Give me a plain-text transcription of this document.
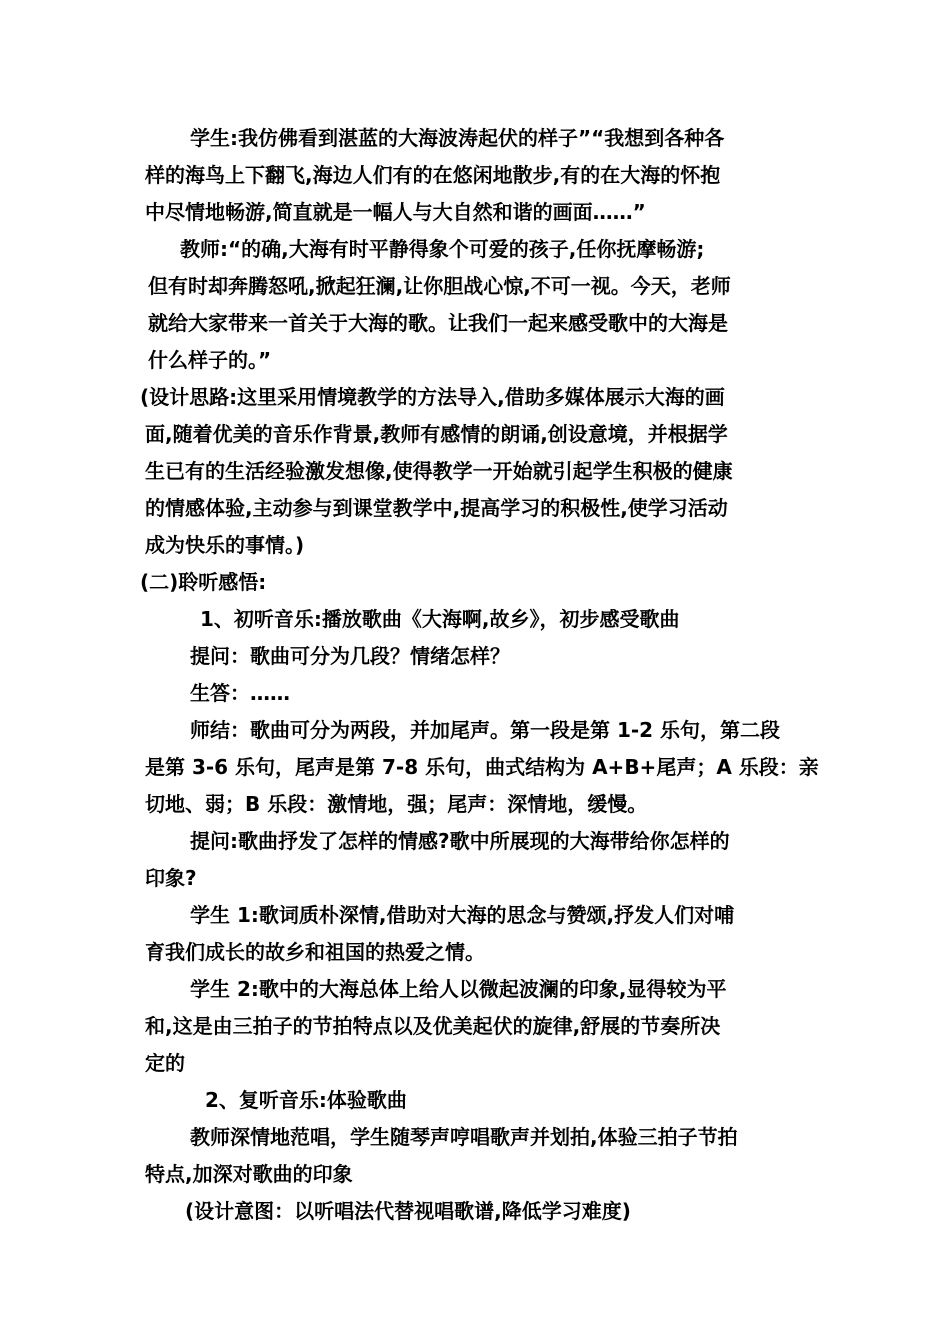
学生:我仿佛看到湛蓝的大海波涛起伏的样子”“我想到各种各
样的海鸟上下翻飞,海边人们有的在悠闲地散步,有的在大海的怀抱
中尽情地畅游,简直就是一幅人与大自然和谐的画面……”
教师:“的确,大海有时平静得象个可爱的孩子,任你抚摩畅游;
但有时却奔腾怒吼,掀起狂澜,让你胆战心惊,不可一视。今天，老师
就给大家带来一首关于大海的歌。让我们一起来感受歌中的大海是
什么样子的。”
(设计思路:这里采用情境教学的方法导入,借助多媒体展示大海的画
面,随着优美的音乐作背景,教师有感情的朗诵,创设意境，并根据学
生已有的生活经验激发想像,使得教学一开始就引起学生积极的健康
的情感体验,主动参与到课堂教学中,提高学习的积极性,使学习活动
成为快乐的事情。)
(二)聆听感悟:
1、初听音乐:播放歌曲《大海啊,故乡》，初步感受歌曲
提问：歌曲可分为几段？情绪怎样？
生答：……
师结：歌曲可分为两段，并加尾声。第一段是第 1-2 乐句，第二段
是第 3-6 乐句，尾声是第 7-8 乐句，曲式结构为 A+B+尾声；A 乐段：亲
切地、弱；B 乐段：激情地，强；尾声：深情地，缓慢。
提问:歌曲抒发了怎样的情感?歌中所展现的大海带给你怎样的
印象?
学生 1:歌词质朴深情,借助对大海的思念与赞颂,抒发人们对哺
育我们成长的故乡和祖国的热爱之情。
学生 2:歌中的大海总体上给人以微起波澜的印象,显得较为平
和,这是由三拍子的节拍特点以及优美起伏的旋律,舒展的节奏所决
定的
2、复听音乐:体验歌曲
教师深情地范唱，学生随琴声哼唱歌声并划拍,体验三拍子节拍
特点,加深对歌曲的印象
(设计意图：以听唱法代替视唱歌谱,降低学习难度)
